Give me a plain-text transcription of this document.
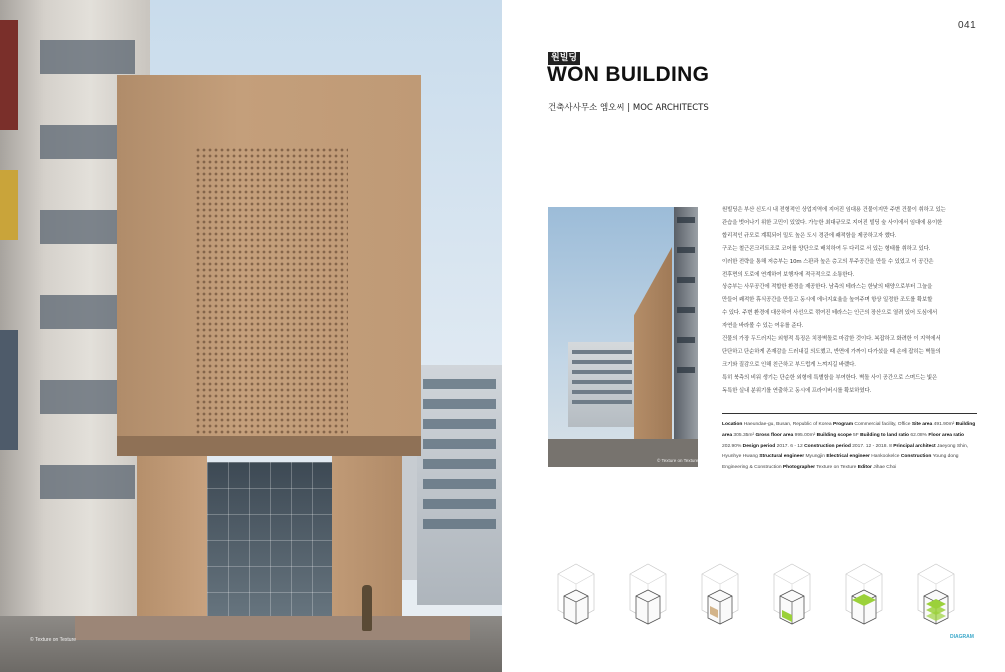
© Texture on Texture
041
원빌딩
WON BUILDING
건축사사무소 엠오씨 | MOC ARCHITECTS
© Texture on Texture

원빌딩은 부산 신도시 내 전형적인 상업지역에 지어진 임대용 건물이지만 주변 건물이 취하고 있는

관습을 벗어나기 위한 고민이 있었다. 가능한 최대규모로 지어진 빌딩 숲 사이에서 임대에 용이한

합리적인 규모로 계획되어 밀도 높은 도시 경관에 쾌적함을 제공하고자 했다.

구조는 철근콘크리트조로 코어를 양단으로 배치하여 두 다리로 서 있는 형태를 취하고 있다.

이러한 전략을 통해 저층부는 10m 스판과 높은 층고의 투주공간을 만들 수 있었고 이 공간은

전후면의 도로에 연계하여 보행자에 적극적으로 소통한다.

상층부는 사무공간에 적합한 환경을 제공한다. 남측의 테라스는 한낮의 태양으로부터 그늘을

만들어 쾌적한 휴식공간을 만들고 동시에 에너지효율을 높여주며 항상 일정한 조도를 확보할

수 있다. 주변 환경에 대응하여 사선으로 꺾여진 테라스는 인근의 장산으로 열려 있어 도심에서

자연을 바라볼 수 있는 여유를 준다.

건물의 가장 두드러지는 외형적 특징은 치장벽돌로 마감한 것이다. 복잡하고 화려한 이 지역에서

단단하고 단순하게 존재감을 드러내길 의도했고, 반면에 가까이 다가섰을 때 손에 잡히는 벽돌의

크기와 질감으로 인해 친근하고 부드럽게 느껴지길 바랬다.

특히 북측의 비워 생기는 단순한 외형에 특별함을 부여한다. 벽돌 사이 공간으로 스며드는 빛은

독특한 실내 분위기를 연출하고 동시에 프라이버시를 확보하였다.

Location Haeundae-gu, Busan, Republic of Korea Program Commercial facility, Office Site area 491.90m² Building area 305.35m² Gross floor area 995.00m² Building scope 5F Building to land ratio 62.08% Floor area ratio 202.90% Design period 2017. 6 - 12 Construction period 2017. 12 - 2018. 8 Principal architect Jaeyong Shin, Hyunhye Hwang Structural engineer Myungjin Electrical engineer Hankookelce Construction Young dong Engineering & Construction Photographer Texture on Texture Editor Jihae Choi
DIAGRAM
